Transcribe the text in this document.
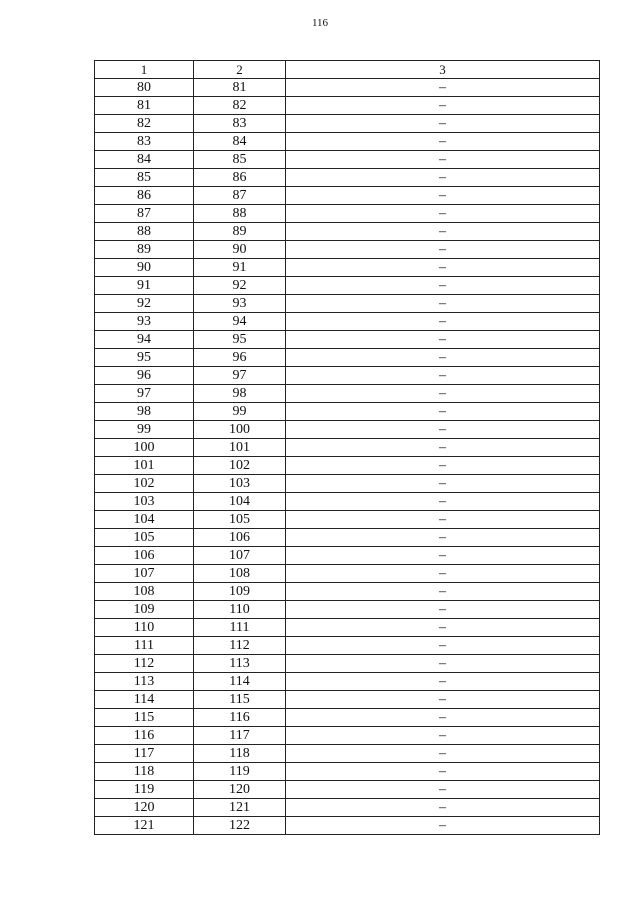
116
1	2	3
80	81	–
81	82	–
82	83	–
83	84	–
84	85	–
85	86	–
86	87	–
87	88	–
88	89	–
89	90	–
90	91	–
91	92	–
92	93	–
93	94	–
94	95	–
95	96	–
96	97	–
97	98	–
98	99	–
99	100	–
100	101	–
101	102	–
102	103	–
103	104	–
104	105	–
105	106	–
106	107	–
107	108	–
108	109	–
109	110	–
110	111	–
111	112	–
112	113	–
113	114	–
114	115	–
115	116	–
116	117	–
117	118	–
118	119	–
119	120	–
120	121	–
121	122	–
